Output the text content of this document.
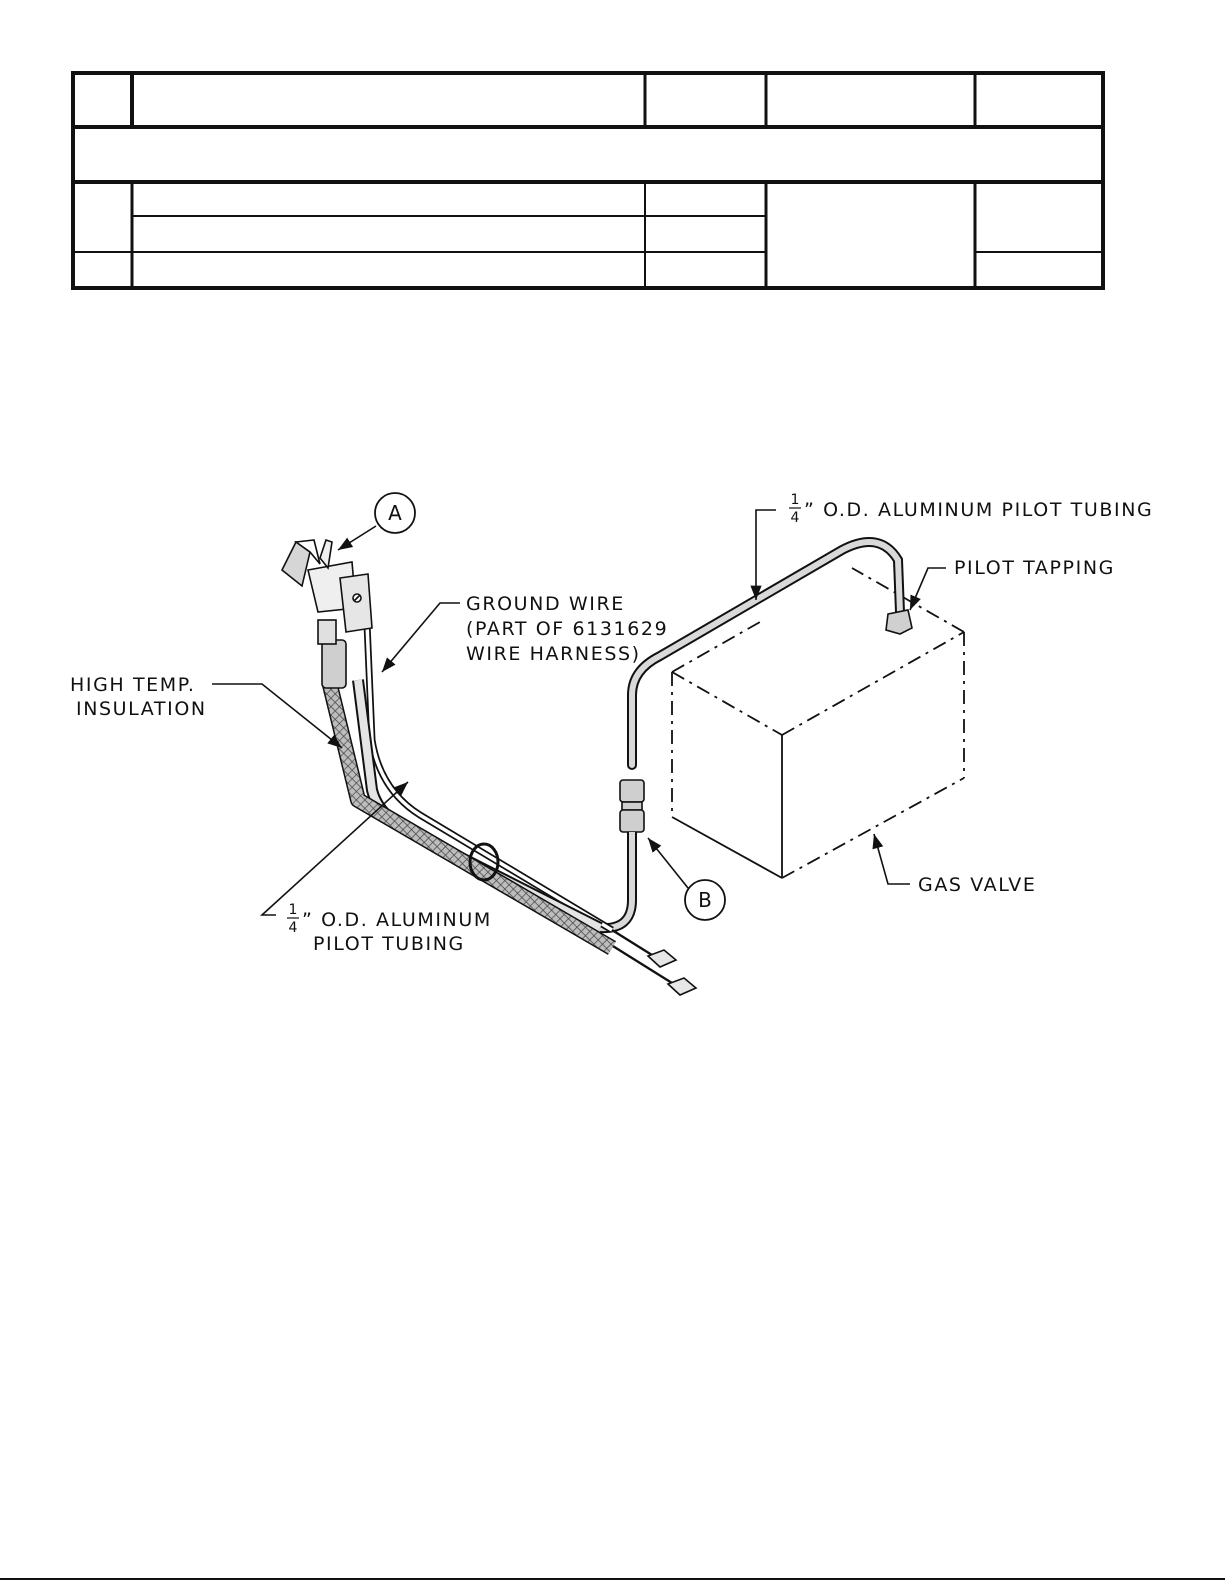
A
B
GROUND WIRE
(PART OF 6131629
WIRE HARNESS)
HIGH TEMP.
INSULATION
1
4 ” O.D. ALUMINUM
PILOT TUBING
1
4 ” O.D. ALUMINUM PILOT TUBING
PILOT TAPPING
GAS VALVE
